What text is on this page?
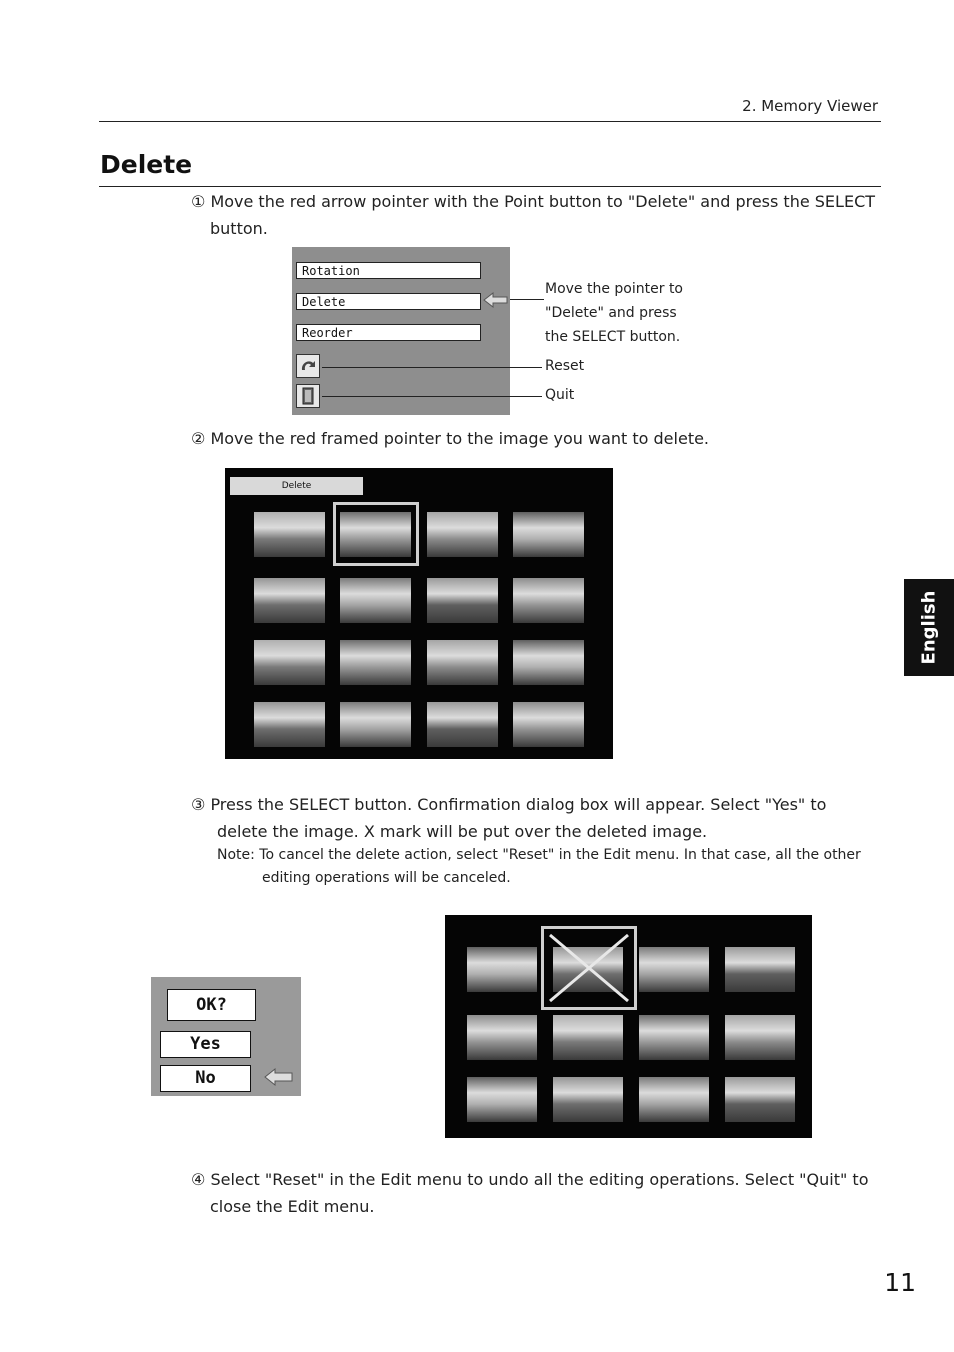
2. Memory Viewer
Delete
① Move the red arrow pointer with the Point button to "Delete" and press the SELECT
button.
Rotation
Delete
Reorder
Move the pointer to
"Delete" and press
the SELECT button.
Reset
Quit
② Move the red framed pointer to the image you want to delete.
Delete
③ Press the SELECT button. Confirmation dialog box will appear. Select "Yes" to
delete the image. X mark will be put over the deleted image.
Note: To cancel the delete action, select "Reset" in the Edit menu. In that case, all the other
editing operations will be canceled.
OK?
Yes
No
④ Select "Reset" in the Edit menu to undo all the editing operations. Select "Quit" to
close the Edit menu.
English
11
